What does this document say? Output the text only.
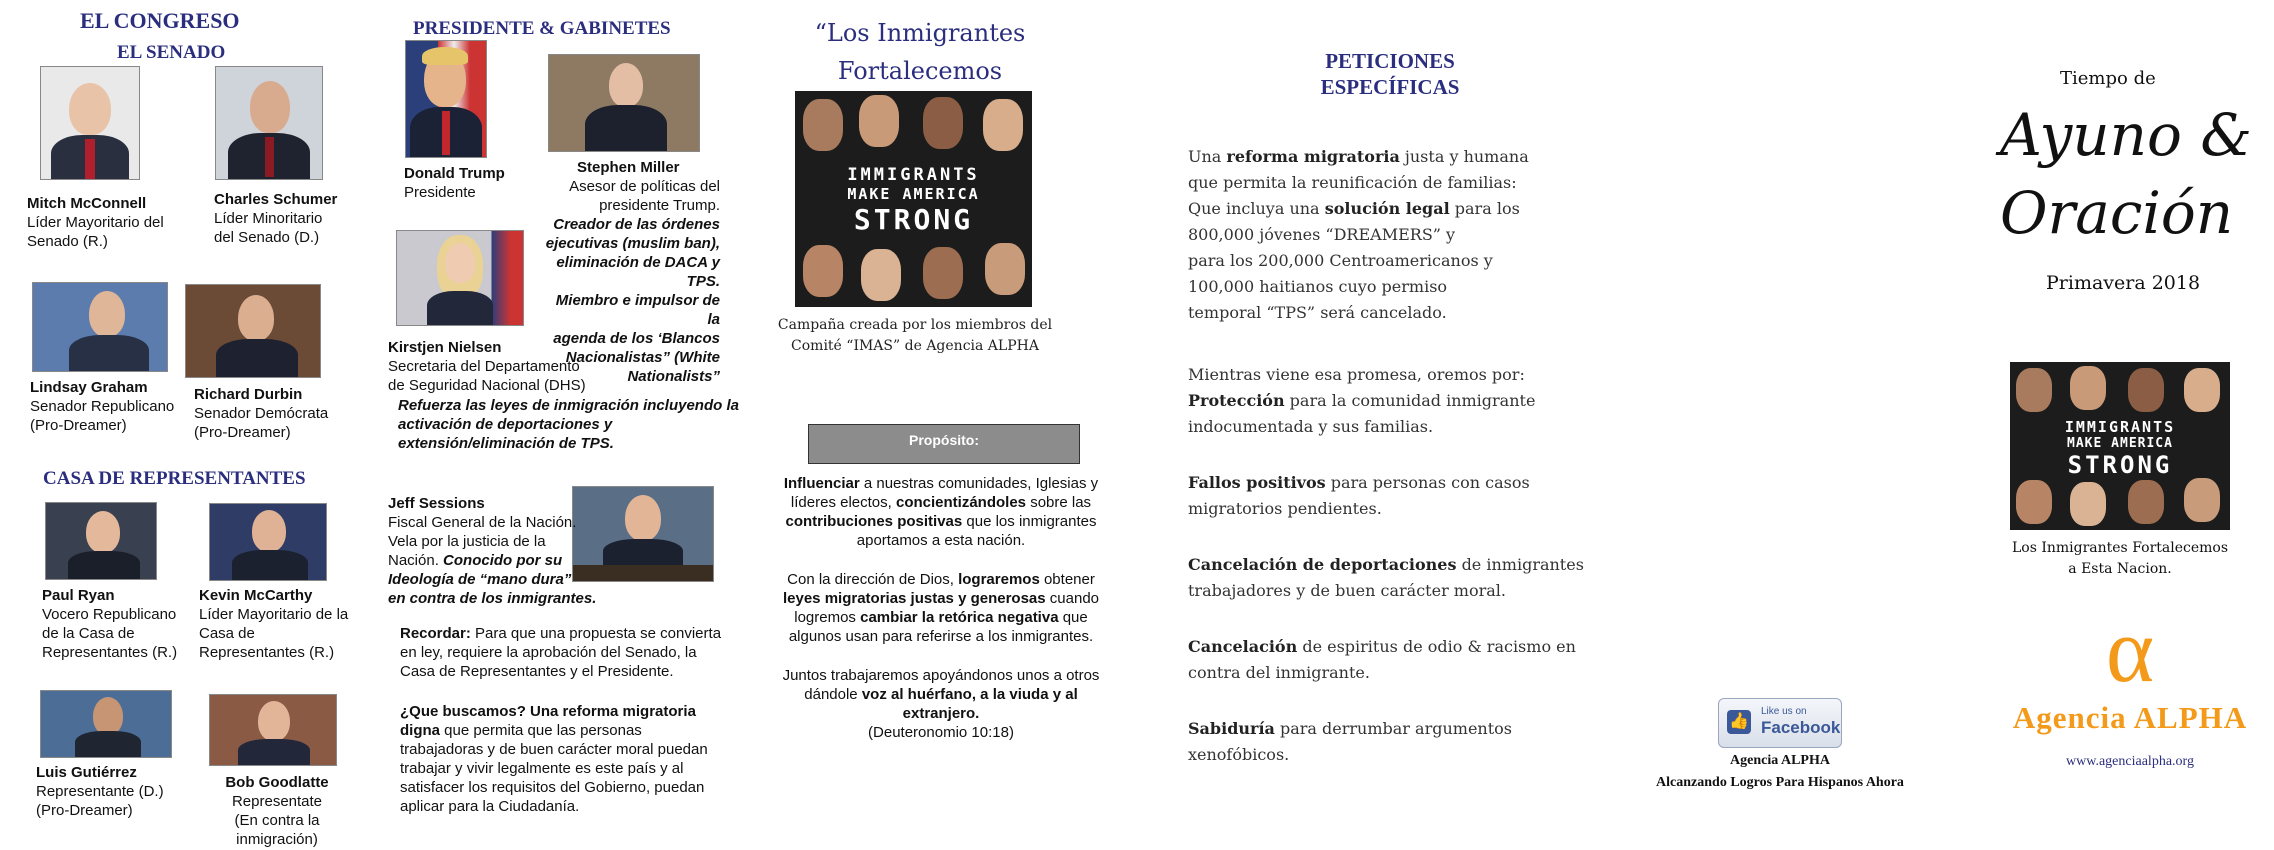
EL CONGRESO
EL SENADO
Mitch McConnell
Líder Mayoritario del
Senado (R.)
Charles Schumer
Líder Minoritario
del Senado (D.)
Lindsay Graham
Senador Republicano
(Pro-Dreamer)
Richard Durbin
Senador Demócrata
(Pro-Dreamer)
CASA DE REPRESENTANTES
Paul Ryan
Vocero Republicano
de la Casa de
Representantes (R.)
Kevin McCarthy
Líder Mayoritario de la
Casa de
Representantes (R.)
Luis Gutiérrez
Representante (D.)
(Pro-Dreamer)
Bob Goodlatte
Representate
(En contra la inmigración)
PRESIDENTE & GABINETES
Donald Trump
Presidente
Stephen Miller
Asesor de políticas del
presidente Trump.
Creador de las órdenes
ejecutivas (muslim ban),
eliminación de DACA y TPS.
Miembro e impulsor de la
agenda de los ‘Blancos
Nacionalistas” (White
Nationalists”
Kirstjen Nielsen
Secretaria del Departamento
de Seguridad Nacional (DHS)
Refuerza las leyes de inmigración incluyendo la
activación de deportaciones y
extensión/eliminación de TPS.
Jeff Sessions
Fiscal General de la Nación.
Vela por la justicia de la
Nación. Conocido por su
Ideología de “mano dura”
en contra de los inmigrantes.
Recordar: Para que una propuesta se convierta
en ley, requiere la aprobación del Senado, la
Casa de Representantes y el Presidente.
¿Que buscamos? Una reforma migratoria
digna que permita que las personas
trabajadoras y de buen carácter moral puedan
trabajar y vivir legalmente es este país y al
satisfacer los requisitos del Gobierno, puedan
aplicar para la Ciudadanía.
“Los Inmigrantes Fortalecemos

IMMIGRANTS
MAKE AMERICA
STRONG
Campaña creada por los miembros del
Comité “IMAS” de Agencia ALPHA
Propósito:
Influenciar a nuestras comunidades, Iglesias y
líderes electos, concientizándoles sobre las
contribuciones positivas que los inmigrantes
aportamos a esta nación.
Con la dirección de Dios, lograremos obtener
leyes migratorias justas y generosas cuando
logremos cambiar la retórica negativa que
algunos usan para referirse a los inmigrantes.
Juntos trabajaremos apoyándonos unos a otros
dándole voz al huérfano, a la viuda y al
extranjero.
(Deuteronomio 10:18)
PETICIONES
ESPECÍFICAS
Una reforma migratoria justa y humana
que permita la reunificación de familias:
Que incluya una solución legal para los
800,000 jóvenes “DREAMERS” y
para los 200,000 Centroamericanos y
100,000 haitianos cuyo permiso
temporal “TPS” será cancelado.
Mientras viene esa promesa, oremos por:
Protección para la comunidad inmigrante
indocumentada y sus familias.
Fallos positivos para personas con casos
migratorios pendientes.
Cancelación de deportaciones de inmigrantes
trabajadores y de buen carácter moral.
Cancelación de espiritus de odio & racismo en
contra del inmigrante.
Sabiduría para derrumbar argumentos
xenofóbicos.
👍
Like us on
Facebook
Agencia ALPHA
Alcanzando Logros Para Hispanos Ahora
Tiempo de
Ayuno &
Oración
Primavera 2018
IMMIGRANTS
MAKE AMERICA
STRONG
Los Inmigrantes Fortalecemos
a Esta Nacion.
α
Agencia ALPHA
www.agenciaalpha.org
